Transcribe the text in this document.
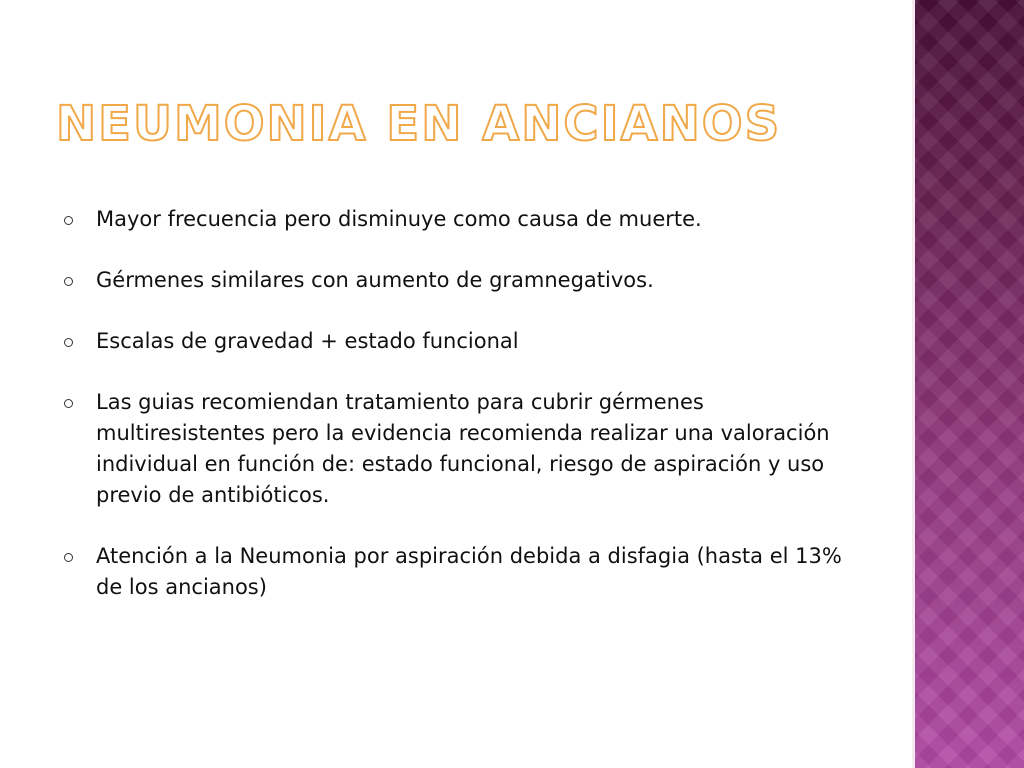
NEUMONIA EN ANCIANOS
Mayor frecuencia pero disminuye como causa de muerte.
Gérmenes similares con aumento de gramnegativos.
Escalas de gravedad + estado funcional
Las guias recomiendan tratamiento para cubrir gérmenes multiresistentes pero la evidencia recomienda realizar una valoración individual en función de: estado funcional, riesgo de aspiración y uso previo de antibióticos.
Atención a la Neumonia por aspiración debida a disfagia (hasta el 13% de los ancianos)
